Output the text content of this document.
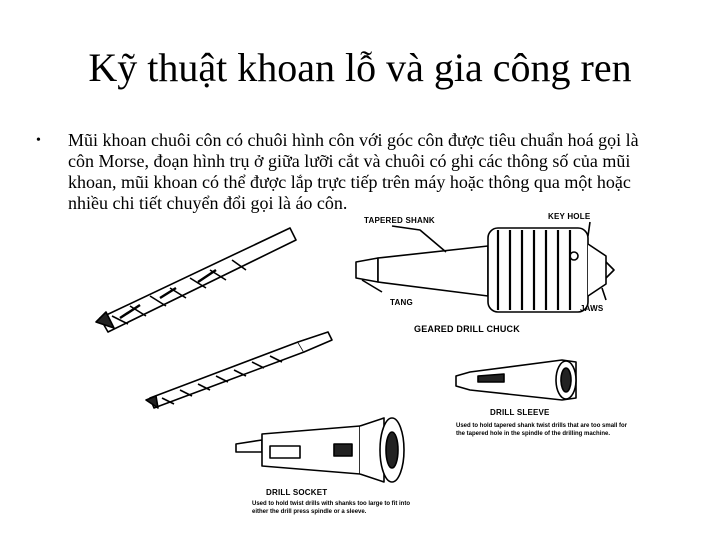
Kỹ thuật khoan lỗ và gia công ren
•	Mũi khoan chuôi côn có chuôi hình côn với góc côn được tiêu chuẩn hoá gọi là côn Morse, đoạn hình trụ ở giữa lưỡi cắt và chuôi có ghi các thông số của mũi khoan, mũi khoan có thể được lắp trực tiếp trên máy hoặc thông qua một hoặc nhiều chi tiết chuyển đổi gọi là áo côn.
TAPERED SHANK	KEY HOLE
TANG
JAWS
GEARED DRILL CHUCK
DRILL SLEEVE
Used to hold tapered shank twist drills that are too small for the tapered hole in the spindle of the drilling machine.
DRILL SOCKET
Used to hold twist drills with shanks too large to fit into either the drill press spindle or a sleeve.
